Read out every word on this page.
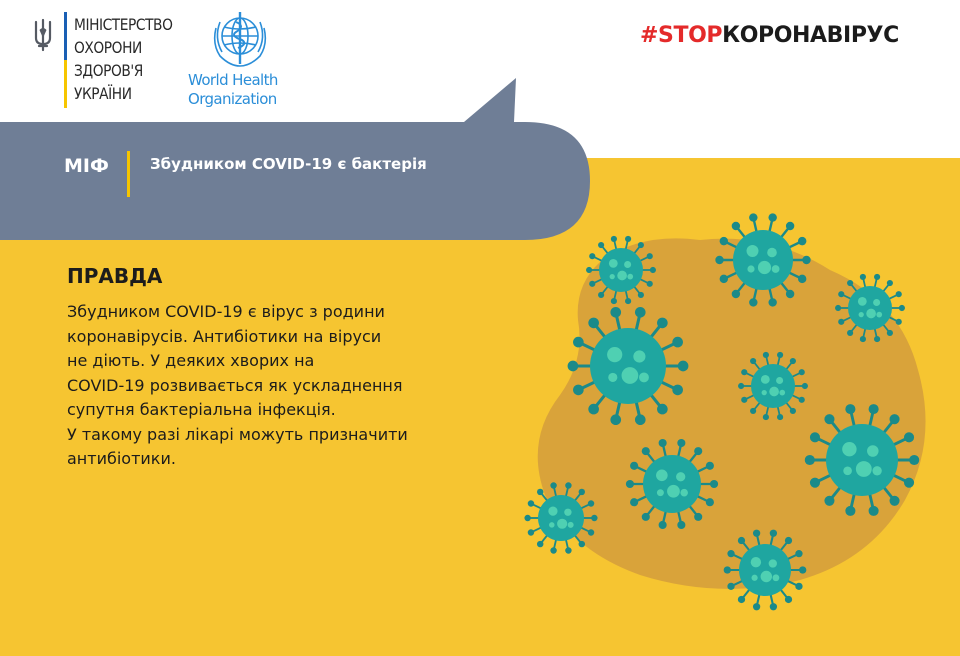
МІНІСТЕРСТВО
ОХОРОНИ
ЗДОРОВ'Я
УКРАЇНИ
World Health
Organization
#STOPКОРОНАВІРУС
МІФ	Збудником COVID-19 є бактерія
ПРАВДА
Збудником COVID-19 є вірус з родини
коронавірусів. Антибіотики на віруси
не діють. У деяких хворих на
COVID-19 розвивається як ускладнення
супутня бактеріальна інфекція.
У такому разі лікарі можуть призначити
антибіотики.
